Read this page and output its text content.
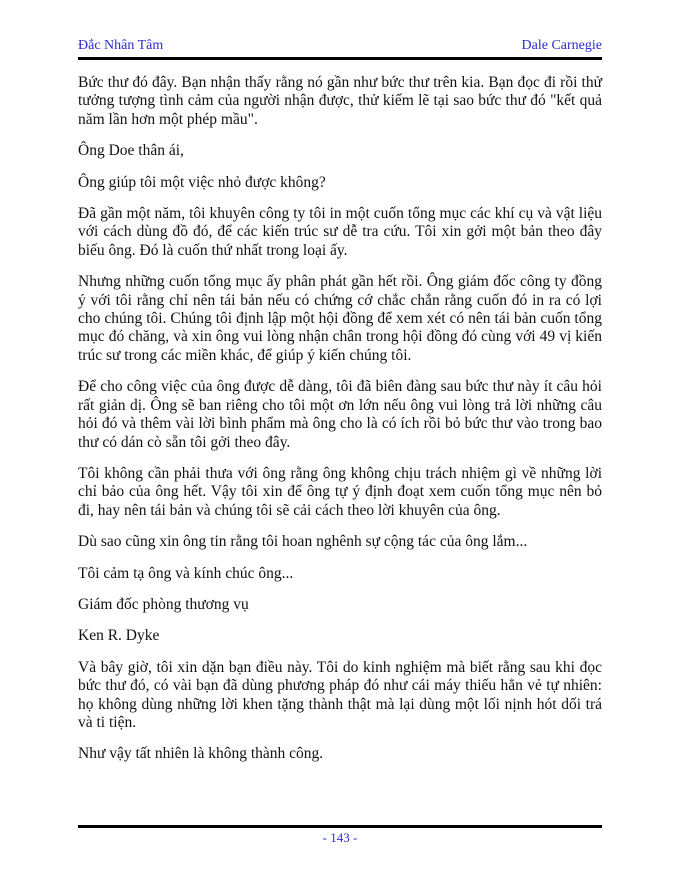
Đắc Nhân Tâm	Dale Carnegie

Bức thư đó đây. Bạn nhận thấy rằng nó gần như bức thư trên kia. Bạn đọc đi rồi thử tưởng tượng tình cảm của người nhận được, thử kiếm lẽ tại sao bức thư đó "kết quả năm lần hơn một phép mầu".

Ông Doe thân ái,

Ông giúp tôi một việc nhỏ được không?

Đã gần một năm, tôi khuyên công ty tôi in một cuốn tổng mục các khí cụ và vật liệu với cách dùng đồ đó, để các kiến trúc sư dễ tra cứu. Tôi xin gởi một bản theo đây biếu ông. Đó là cuốn thứ nhất trong loại ấy.

Nhưng những cuốn tổng mục ấy phân phát gần hết rồi. Ông giám đốc công ty đồng ý với tôi rằng chỉ nên tái bản nếu có chứng cớ chắc chắn rằng cuốn đó in ra có lợi cho chúng tôi. Chúng tôi định lập một hội đồng để xem xét có nên tái bản cuốn tổng mục đó chăng, và xin ông vui lòng nhận chân trong hội đồng đó cùng với 49 vị kiến trúc sư trong các miền khác, để giúp ý kiến chúng tôi.

Để cho công việc của ông được dễ dàng, tôi đã biên đàng sau bức thư này ít câu hỏi rất giản dị. Ông sẽ ban riêng cho tôi một ơn lớn nếu ông vui lòng trả lời những câu hỏi đó và thêm vài lời bình phẩm mà ông cho là có ích rồi bỏ bức thư vào trong bao thư có dán cò sẵn tôi gởi theo đây.

Tôi không cần phải thưa với ông rằng ông không chịu trách nhiệm gì về những lời chỉ bảo của ông hết. Vậy tôi xin để ông tự ý định đoạt xem cuốn tổng mục nên bỏ đi, hay nên tái bản và chúng tôi sẽ cải cách theo lời khuyên của ông.

Dù sao cũng xin ông tin rằng tôi hoan nghênh sự cộng tác của ông lắm...

Tôi cảm tạ ông và kính chúc ông...

Giám đốc phòng thương vụ

Ken R. Dyke

Và bây giờ, tôi xin dặn bạn điều này. Tôi do kinh nghiệm mà biết rằng sau khi đọc bức thư đó, có vài bạn đã dùng phương pháp đó như cái máy thiếu hẳn vẻ tự nhiên: họ không dùng những lời khen tặng thành thật mà lại dùng một lối nịnh hót dối trá và ti tiện.

Như vậy tất nhiên là không thành công.

- 143 -
